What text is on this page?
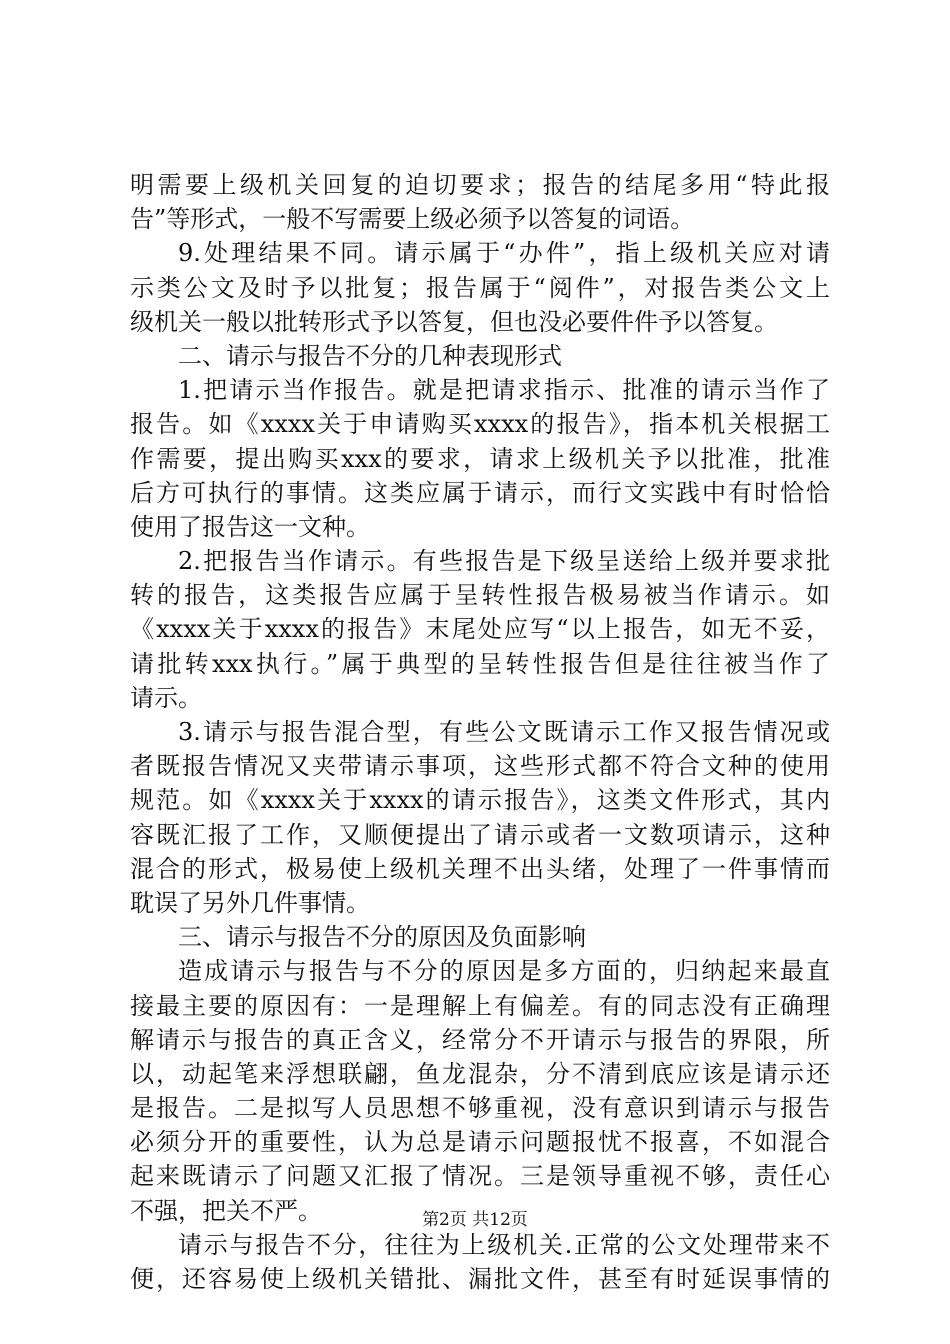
明需要上级机关回复的迫切要求；报告的结尾多用“特此报
告”等形式，一般不写需要上级必须予以答复的词语。
9.处理结果不同。请示属于“办件”，指上级机关应对请
示类公文及时予以批复；报告属于“阅件”，对报告类公文上
级机关一般以批转形式予以答复，但也没必要件件予以答复。
二、请示与报告不分的几种表现形式
1.把请示当作报告。就是把请求指示、批准的请示当作了
报告。如《xxxx关于申请购买xxxx的报告》，指本机关根据工
作需要，提出购买xxx的要求，请求上级机关予以批准，批准
后方可执行的事情。这类应属于请示，而行文实践中有时恰恰
使用了报告这一文种。
2.把报告当作请示。有些报告是下级呈送给上级并要求批
转的报告，这类报告应属于呈转性报告极易被当作请示。如
《xxxx关于xxxx的报告》末尾处应写“以上报告，如无不妥，
请批转xxx执行。”属于典型的呈转性报告但是往往被当作了
请示。
3.请示与报告混合型，有些公文既请示工作又报告情况或
者既报告情况又夹带请示事项，这些形式都不符合文种的使用
规范。如《xxxx关于xxxx的请示报告》，这类文件形式，其内
容既汇报了工作，又顺便提出了请示或者一文数项请示，这种
混合的形式，极易使上级机关理不出头绪，处理了一件事情而
耽误了另外几件事情。
三、请示与报告不分的原因及负面影响
造成请示与报告与不分的原因是多方面的，归纳起来最直
接最主要的原因有：一是理解上有偏差。有的同志没有正确理
解请示与报告的真正含义，经常分不开请示与报告的界限，所
以，动起笔来浮想联翩，鱼龙混杂，分不清到底应该是请示还
是报告。二是拟写人员思想不够重视，没有意识到请示与报告
必须分开的重要性，认为总是请示问题报忧不报喜，不如混合
起来既请示了问题又汇报了情况。三是领导重视不够，责任心
不强，把关不严。
请示与报告不分，往往为上级机关.正常的公文处理带来不
便，还容易使上级机关错批、漏批文件，甚至有时延误事情的
第2页 共12页
